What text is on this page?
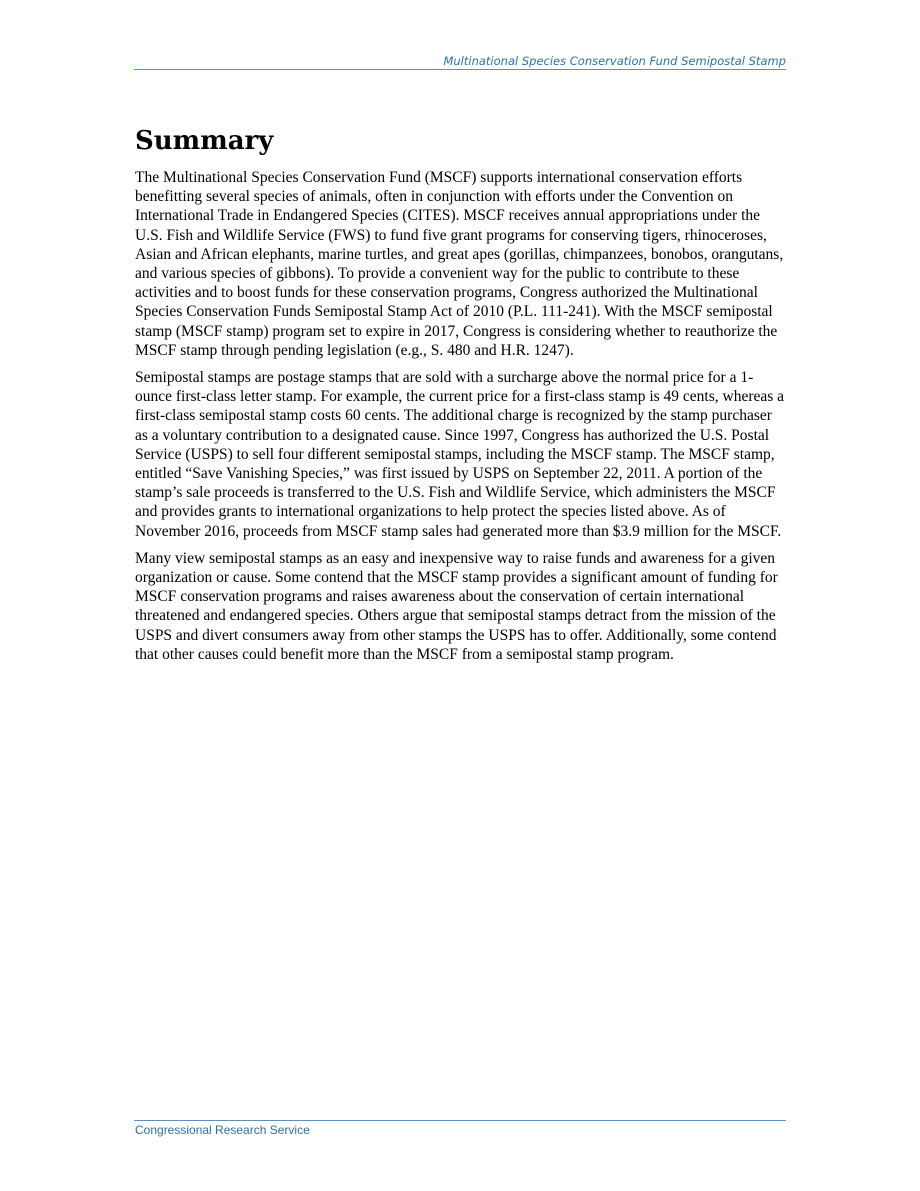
Multinational Species Conservation Fund Semipostal Stamp
Summary

The Multinational Species Conservation Fund (MSCF) supports international conservation efforts benefitting several species of animals, often in conjunction with efforts under the Convention on International Trade in Endangered Species (CITES). MSCF receives annual appropriations under the U.S. Fish and Wildlife Service (FWS) to fund five grant programs for conserving tigers, rhinoceroses, Asian and African elephants, marine turtles, and great apes (gorillas, chimpanzees, bonobos, orangutans, and various species of gibbons). To provide a convenient way for the public to contribute to these activities and to boost funds for these conservation programs, Congress authorized the Multinational Species Conservation Funds Semipostal Stamp Act of 2010 (P.L. 111-241). With the MSCF semipostal stamp (MSCF stamp) program set to expire in 2017, Congress is considering whether to reauthorize the MSCF stamp through pending legislation (e.g., S. 480 and H.R. 1247).

Semipostal stamps are postage stamps that are sold with a surcharge above the normal price for a 1-ounce first-class letter stamp. For example, the current price for a first-class stamp is 49 cents, whereas a first-class semipostal stamp costs 60 cents. The additional charge is recognized by the stamp purchaser as a voluntary contribution to a designated cause. Since 1997, Congress has authorized the U.S. Postal Service (USPS) to sell four different semipostal stamps, including the MSCF stamp. The MSCF stamp, entitled “Save Vanishing Species,” was first issued by USPS on September 22, 2011. A portion of the stamp’s sale proceeds is transferred to the U.S. Fish and Wildlife Service, which administers the MSCF and provides grants to international organizations to help protect the species listed above. As of November 2016, proceeds from MSCF stamp sales had generated more than $3.9 million for the MSCF.

Many view semipostal stamps as an easy and inexpensive way to raise funds and awareness for a given organization or cause. Some contend that the MSCF stamp provides a significant amount of funding for MSCF conservation programs and raises awareness about the conservation of certain international threatened and endangered species. Others argue that semipostal stamps detract from the mission of the USPS and divert consumers away from other stamps the USPS has to offer. Additionally, some contend that other causes could benefit more than the MSCF from a semipostal stamp program.

Congressional Research Service
